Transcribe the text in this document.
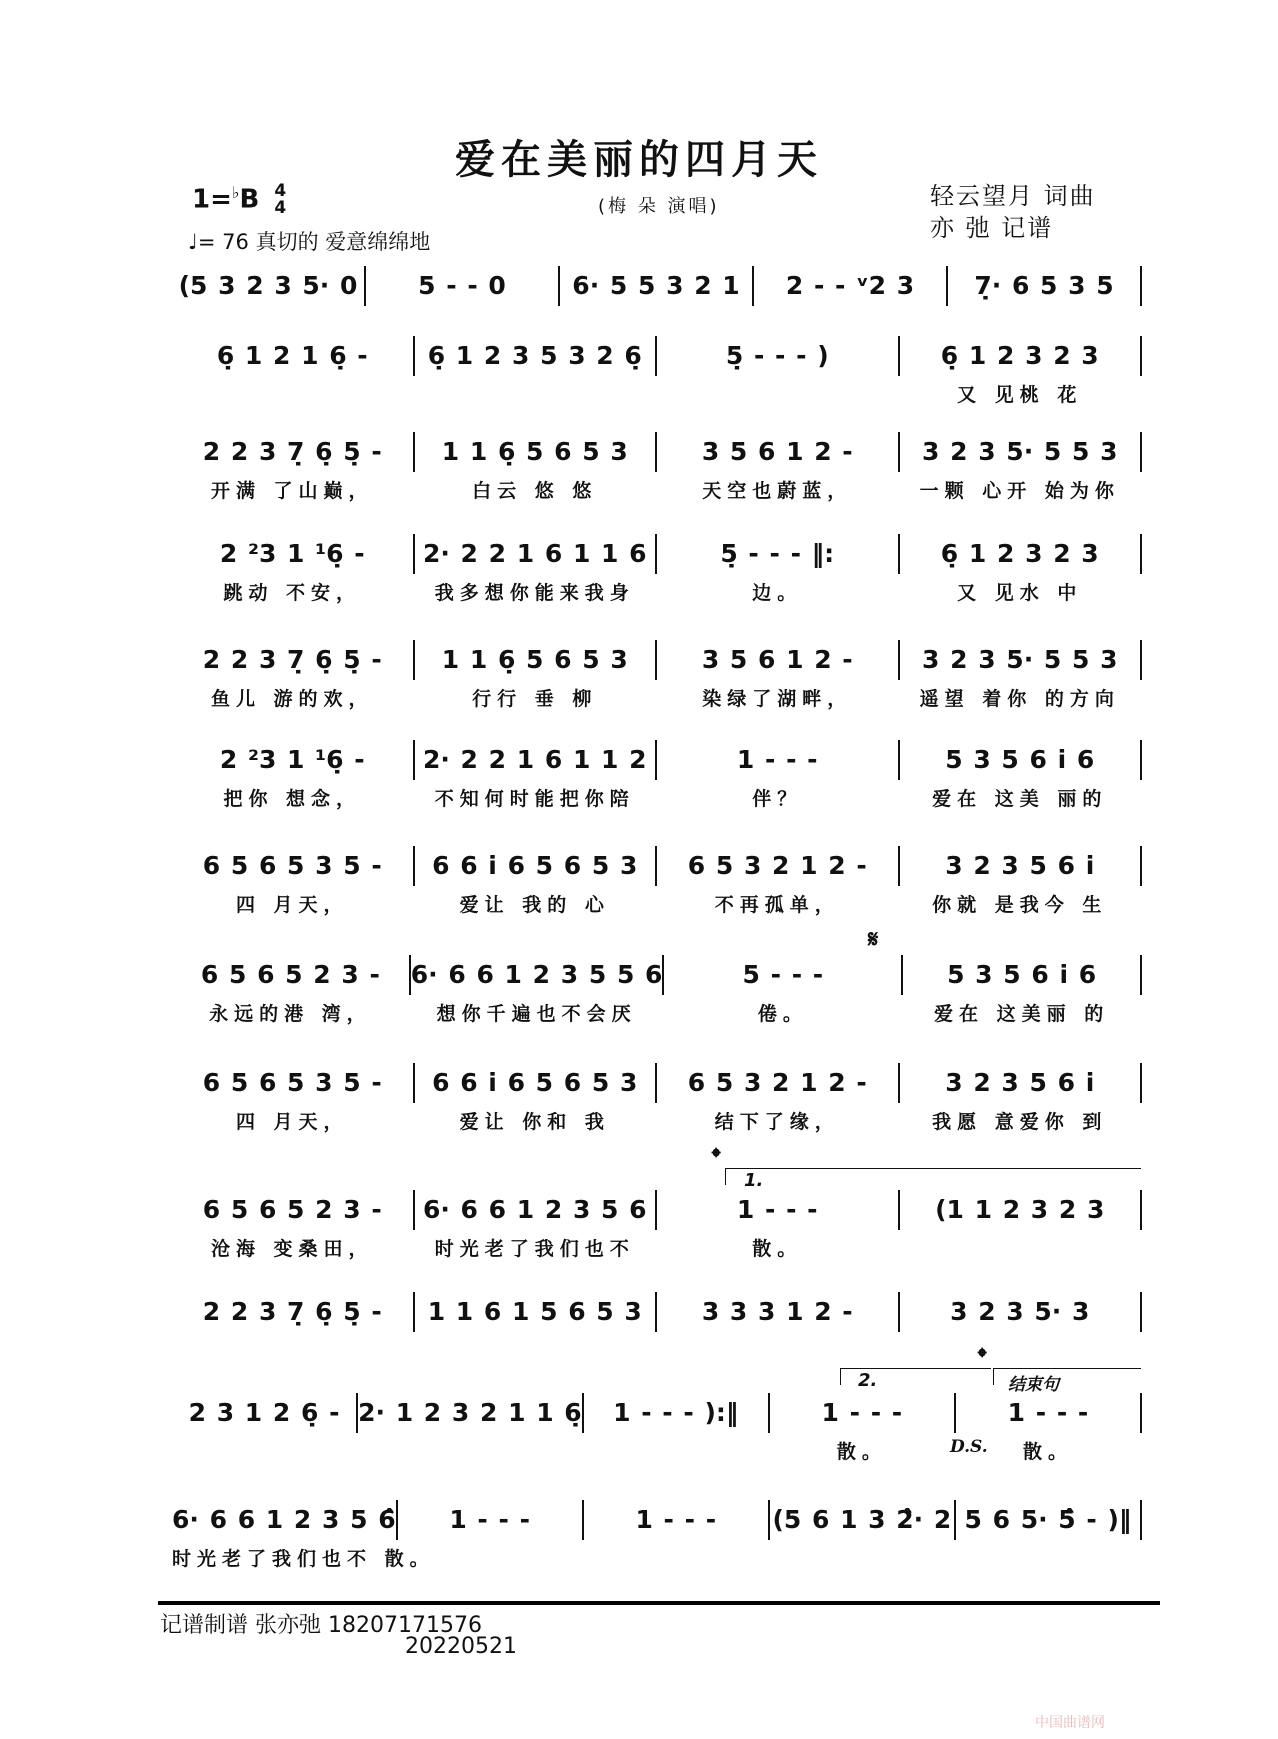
爱在美丽的四月天
1=♭B 4
4
♩= 76 真切的 爱意绵绵地
(梅 朵 演唱)	轻云望月 词曲
亦 弛 记谱
(5 3 2 3 5· 0	5 - - 0	6· 5 5 3 2 1	2 - - ᵛ2 3	7̣· 6 5 3 5
6̣ 1 2 1 6̣ -	6̣ 1 2 3 5 3 2 6̣	5̣ - - - )	6̣ 1 2 3 2 3
又 见桃 花
2 2 3 7̣ 6̣ 5̣ -
开满 了山巅，
1 1 6̣ 5 6 5 3
白云 悠 悠
3 5 6 1 2 -
天空也蔚蓝，
3 2 3 5· 5 5 3
一颗 心开 始为你
2 ²3 1 ¹6̣ -
跳动 不安，
2· 2 2 1 6 1 1 6
我多想你能来我身
5̣ - - - ‖:
边。
6̣ 1 2 3 2 3
又 见水 中
2 2 3 7̣ 6̣ 5̣ -
鱼儿 游的欢，
1 1 6̣ 5 6 5 3
行行 垂 柳
3 5 6 1 2 -
染绿了湖畔，
3 2 3 5· 5 5 3
遥望 着你 的方向
2 ²3 1 ¹6̣ -
把你 想念，
2· 2 2 1 6 1 1 2
不知何时能把你陪
1 - - -
伴？
5 3 5 6 i 6
爱在 这美 丽的
6 5 6 5 3 5 -
四 月天，
6 6 i 6 5 6 5 3
爱让 我的 心
6 5 3 2 1 2 -
不再孤单，
3 2 3 5 6 i
你就 是我今 生
6 5 6 5 2 3 -
永远的港 湾，
6· 6 6 1 2 3 5 5 6
想你千遍也不会厌
5 - - -
倦。
5 3 5 6 i 6
爱在 这美丽 的
6 5 6 5 3 5 -
四 月天，
6 6 i 6 5 6 5 3
爱让 你和 我
6 5 3 2 1 2 -
结下了缘，
3 2 3 5 6 i
我愿 意爱你 到
6 5 6 5 2 3 -
沧海 变桑田，
6· 6 6 1 2 3 5 6
时光老了我们也不
1 - - -
散。
(1 1 2 3 2 3
2 2 3 7̣ 6̣ 5̣ -	1 1 6 1 5 6 5 3	3 3 3 1 2 -	3 2 3 5· 3
2 3 1 2 6̣ - 2· 1 2 3 2 1 1 6̣	1 - - - ):‖	1 - - -
散。
1 - - -
散。
6· 6 6 1 2 3 5 6̂
时光老了我们也不 散。
1 - - -	1 - - -	(5 6 1 3 2̂· 2 5 6 5· 5̂ - )‖
𝄋
𝄌
1.
𝄌
2.	结束句
D.S.
记谱制谱 张亦弛 18207171576
20220521
中国曲谱网
